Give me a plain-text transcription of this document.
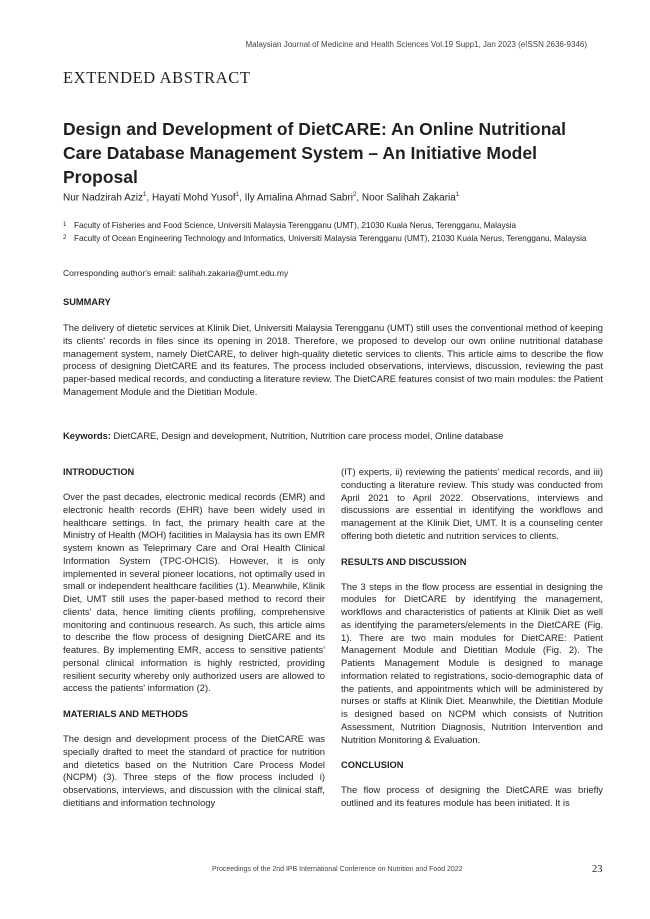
Malaysian Journal of Medicine and Health Sciences Vol.19 Supp1, Jan 2023 (eISSN 2636-9346)
EXTENDED ABSTRACT
Design and Development of DietCARE: An Online Nutritional Care Database Management System – An Initiative Model Proposal
Nur Nadzirah Aziz$^1$, Hayati Mohd Yusof$^1$, Ily Amalina Ahmad Sabri$^2$, Noor Salihah Zakaria$^1$
1 Faculty of Fisheries and Food Science, Universiti Malaysia Terengganu (UMT), 21030 Kuala Nerus, Terengganu, Malaysia
2 Faculty of Ocean Engineering Technology and Informatics, Universiti Malaysia Terengganu (UMT), 21030 Kuala Nerus, Terengganu, Malaysia
Corresponding author's email: salihah.zakaria@umt.edu.my
SUMMARY
The delivery of dietetic services at Klinik Diet, Universiti Malaysia Terengganu (UMT) still uses the conventional method of keeping its clients' records in files since its opening in 2018. Therefore, we proposed to develop our own online nutritional database management system, namely DietCARE, to deliver high-quality dietetic services to clients. This article aims to describe the flow process of designing DietCARE and its features. The process included observations, interviews, discussion, reviewing the past paper-based medical records, and conducting a literature review. The DietCARE features consist of two main modules: the Patient Management Module and the Dietitian Module.
Keywords: DietCARE, Design and development, Nutrition, Nutrition care process model, Online database
INTRODUCTION

Over the past decades, electronic medical records (EMR) and electronic health records (EHR) have been widely used in healthcare settings. In fact, the primary health care at the Ministry of Health (MOH) facilities in Malaysia has its own EMR system known as Teleprimary Care and Oral Health Clinical Information System (TPC-OHCIS). However, it is only implemented in several pioneer locations, not optimally used in small or independent healthcare facilities (1). Meanwhile, Klinik Diet, UMT still uses the paper-based method to record their clients' data, hence limiting clients profiling, comprehensive monitoring and continuous research. As such, this article aims to describe the flow process of designing DietCARE and its features. By implementing EMR, access to sensitive patients' personal clinical information is highly restricted, providing resilient security whereby only authorized users are allowed to access the patients' information (2).

MATERIALS AND METHODS

The design and development process of the DietCARE was specially drafted to meet the standard of practice for nutrition and dietetics based on the Nutrition Care Process Model (NCPM) (3). Three steps of the flow process included i) observations, interviews, and discussion with the clinical staff, dietitians and information technology

(IT) experts, ii) reviewing the patients' medical records, and iii) conducting a literature review. This study was conducted from April 2021 to April 2022. Observations, interviews and discussions are essential in identifying the workflows and management at the Klinik Diet, UMT. It is a counseling center offering both dietetic and nutrition services to clients.

RESULTS AND DISCUSSION

The 3 steps in the flow process are essential in designing the modules for DietCARE by identifying the management, workflows and characteristics of patients at Klinik Diet as well as identifying the parameters/elements in the DietCARE (Fig. 1). There are two main modules for DietCARE: Patient Management Module and Dietitian Module (Fig. 2). The Patients Management Module is designed to manage information related to registrations, socio-demographic data of the patients, and appointments which will be administered by nurses or staffs at Klinik Diet. Meanwhile, the Dietitian Module is designed based on NCPM which consists of Nutrition Assessment, Nutrition Diagnosis, Nutrition Intervention and Nutrition Monitoring & Evaluation.

CONCLUSION

The flow process of designing the DietCARE was briefly outlined and its features module has been initiated. It is

Proceedings of the 2nd IPB International Conference on Nutrition and Food 2022	23
